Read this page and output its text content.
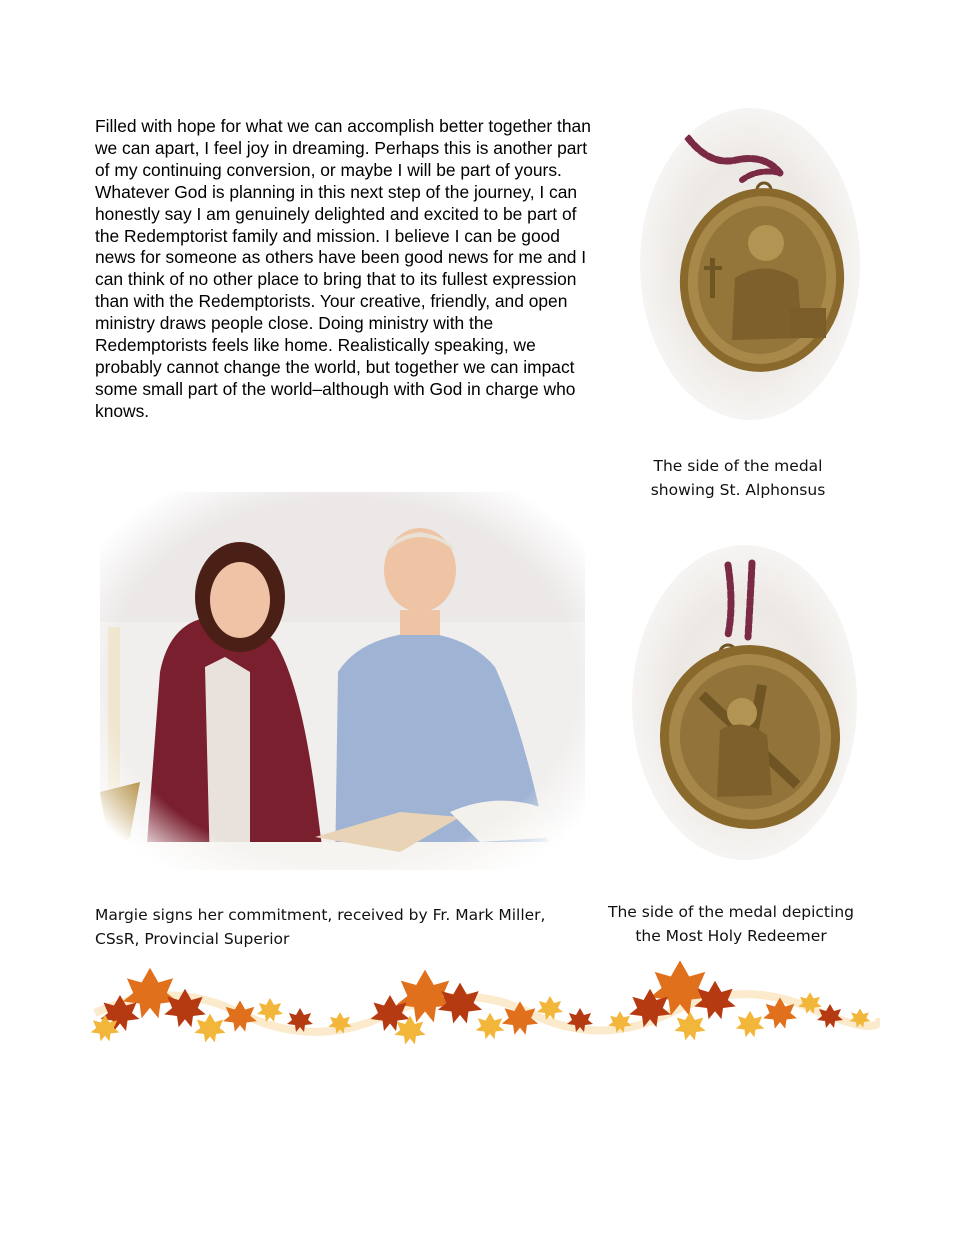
Filled with hope for what we can accomplish better together than we can apart, I feel joy in dreaming. Perhaps this is another part of my continuing conversion, or maybe I will be part of yours. Whatever God is planning in this next step of the journey, I can honestly say I am genuinely delighted and excited to be part of the Redemptorist family and mission. I believe I can be good news for someone as others have been good news for me and I can think of no other place to bring that to its fullest expression than with the Redemptorists. Your creative, friendly, and open ministry draws people close. Doing ministry with the Redemptorists feels like home. Realistically speaking, we probably cannot change the world, but together we can impact some small part of the world–although with God in charge who knows.

The side of the medal
showing St. Alphonsus
Margie signs her commitment, received by Fr. Mark Miller,
CSsR, Provincial Superior
The side of the medal depicting
the Most Holy Redeemer
